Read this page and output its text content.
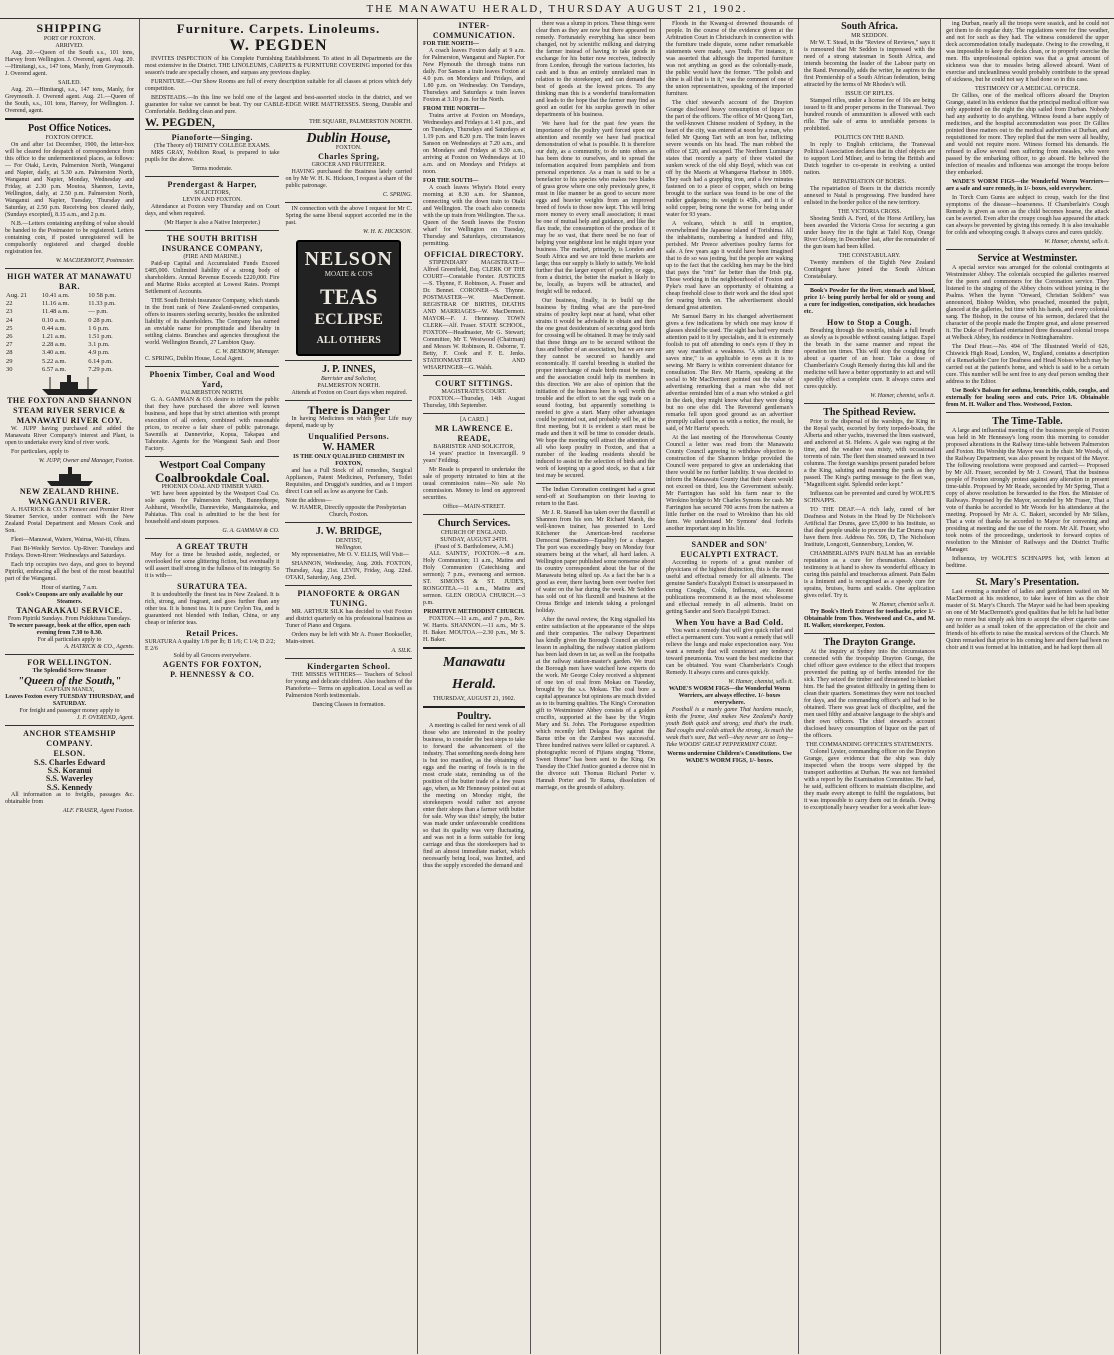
THE MANAWATU HERALD, THURSDAY AUGUST 21, 1902.
SHIPPING
PORT OF FOXTON.
ARRIVED.

Aug. 20.—Queen of the South s.s., 101 tons, Harvey from Wellington. J. Overend, agent. Aug. 20.—Himitangi, s.s., 147 tons, Manly, from Greymouth. J. Overend agent.

SAILED.

Aug. 20.—Himitangi, s.s., 147 tons, Manly, for Greymouth. J. Overend agent. Aug. 21.—Queen of the South, s.s., 101 tons, Harvey, for Wellington. J. Overend, agent.

Post Office Notices.
FOXTON OFFICE.

On and after 1st December, 1900, the letter-box will be cleared for despatch of correspondence from this office to the undermentioned places, as follows:— For Otaki, Levin, Palmerston North, Wanganui and Napier, daily, at 5.30 a.m. Palmerston North, Wanganui and Napier, Monday, Wednesday and Friday, at 2.30 p.m. Moutoa, Shannon, Levin, Wellington, daily, at 2.50 p.m. Palmerston North, Wanganui and Napier, Tuesday, Thursday and Saturday, at 2.50 p.m. Receiving box cleared daily, (Sundays excepted), 8.15 a.m., and 2 p.m.

N.B.—Letters containing anything of value should be handed to the Postmaster to be registered. Letters containing coin, if posted unregistered will be compulsorily registered and charged double registration fee.

W. MACDERMOTT, Postmaster.
HIGH WATER AT MANAWATU BAR.
Aug. 21	10.41 a.m.	10 58 p.m.
22	11.16 a.m.	11.33 p.m.
23	11.48 a.m.	— p.m.
24	0.10 a.m.	0 28 p.m.
25	0.44 a.m.	1 6 p.m.
26	1.21 a.m.	1.51 p.m.
27	2.28 a.m.	3.1 p.m.
28	3.40 a.m.	4.9 p.m.
29	5.22 a.m.	6.14 p.m.
30	6.57 a.m.	7.29 p.m.
THE FOXTON AND SHANNON STEAM RIVER SERVICE & MANAWATU RIVER COY.

W. JUPP having purchased and added the Manawatu River Company's interest and Plant, is open to undertake every kind of river work.

For particulars, apply to

W. JUPP, Owner and Manager, Foxton.
NEW ZEALAND RHINE.
WANGANUI RIVER.

A. HATRICK & CO.'S Pioneer and Premier River Steamer Service, under contract with the New Zealand Postal Department and Messrs Cook and Son.

Fleet—Manuwai, Waiere, Wairua, Wai-iti, Ohura.

Fast Bi-Weekly Service. Up-River: Tuesdays and Fridays. Down-River: Wednesdays and Saturdays.

Each trip occupies two days, and goes to beyond Pipiriki, embracing all the best of the most beautiful part of the Wanganui.

Hour of starting, 7 a.m.
Cook's Coupons are only available by our Steamers.
TANGARAKAU SERVICE.
From Pipiriki Sundays. From Pukikituna Tuesdays.
To secure passage, book at the office, open each evening from 7.30 to 8.30.
For all particulars apply to
A. HATRICK & CO., Agents.
FOR WELLINGTON.
The Splendid Screw Steamer
"Queen of the South,"
CAPTAIN MANLY,
Leaves Foxton every TUESDAY THURSDAY, and SATURDAY.
For freight and passenger money apply to
J. F. OVEREND, Agent.
ANCHOR STEAMSHIP COMPANY.
ELSON.
S.S. Charles Edward
S.S. Koranui
S.S. Waverley
S.S. Kennedy

All information as to freights, passages &c. obtainable from

ALF. FRASER, Agent Foxton.
Furniture. Carpets. Linoleums.
W. PEGDEN

INVITES INSPECTION of his Complete Furnishing Establishment. To attest in all Departments are the most extensive in the District. THE LINOLEUMS, CARPETS & FURNITURE COVERING imported for this season's trade are specially chosen, and surpass any previous display.

FURNITURE.—Our Show Rooms are full of every description suitable for all classes at prices which defy competition.

BEDSTEADS.—In this line we hold one of the largest and best-assorted stocks in the district, and we guarantee for value we cannot be beat. Try our CABLE-EDGE WIRE MATTRESSES. Strong, Durable and Comfortable. Bedding clean and pure.

W. PEGDEN,	THE SQUARE, PALMERSTON NORTH.
Pianoforte—Singing.
(The Theory of) TRINITY COLLEGE EXAMS.

MRS GRAY, Nobilton Road, is prepared to take pupils for the above.

Terms moderate.
Prendergast & Harper,
SOLICITORS,
LEVIN AND FOXTON.

Attendance at Foxton very Thursday and on Court days, and when required.

(Mr Harper is also a Native Interpreter.)
THE SOUTH BRITISH INSURANCE COMPANY,
(FIRE AND MARINE.)

Paid-up Capital and Accumulated Funds Exceed £485,000. Unlimited liability of a strong body of shareholders. Annual Revenue Exceeds £220,000. Fire and Marine Risks accepted at Lowest Rates. Prompt Settlement of Accounts.

THE South British Insurance Company, which stands in the front rank of New Zealand-owned companies, offers to insurers sterling security, besides the unlimited liability of its shareholders. The Company has earned an enviable name for promptitude and liberality in settling claims. Branches and agencies throughout the world. Wellington Branch, 27 Lambton Quay.

C. W. BENBOW, Manager.
C. SPRING, Dublin House, Local Agent.
Phoenix Timber, Coal and Wood Yard,
PALMERSTON NORTH.

G. A. GAMMAN & CO. desire to inform the public that they have purchased the above well known business, and hope that by strict attention with prompt execution of all orders, combined with reasonable prices, to receive a fair share of public patronage. Sawmills at Dannevirke, Kopua, Takapau and Tahoraite. Agents for the Wanganui Sash and Door Factory.

Westport Coal Company
Coalbrookdale Coal.
PHOENIX COAL AND TIMBER YARD.

WE have been appointed by the Westport Coal Co. sole agents for Palmerston North, Bunnythorpe, Ashhurst, Woodville, Dannevirke, Mangatainoka, and Pahiatua. This coal is admitted to be the best for household and steam purposes.

G. A. GAMMAN & CO.
A GREAT TRUTH

May for a time be brushed aside, neglected, or overlooked for some glittering fiction, but eventually it will assert itself strong in the fullness of its integrity. So it is with—

SURATURA TEA.

It is undoubtedly the finest tea in New Zealand. It is rich, strong, and fragrant, and goes further than any other tea. It is honest tea. It is pure Ceylon Tea, and is guaranteed not blended with Indian, China, or any cheap or inferior teas.

Retail Prices.
SURATURA A quality 1/8 per lb; B 1/6; C 1/4; D 2/2; E 2/6
Sold by all Grocers everywhere.
AGENTS FOR FOXTON,
P. HENNESSY & CO.
Dublin House,
FOXTON.
Charles Spring,
GROCER AND FRUITERER.

HAVING purchased the Business lately carried on by Mr W. H. K. Hickson, I request a share of the public patronage.

C. SPRING.

IN connection with the above I request for Mr C. Spring the same liberal support accorded me in the past.

W. H. K. HICKSON.
NELSON
MOATE & CO'S
TEAS
ECLIPSE
ALL OTHERS
J. P. INNES,
Barrister and Solicitor,
PALMERSTON NORTH.

Attends at Foxton on Court days when required.

There is Danger

In having Medicines on which your Life may depend, made up by

Unqualified Persons.
W. HAMER
IS THE ONLY QUALIFIED CHEMIST IN FOXTON,

and has a Full Stock of all remedies, Surgical Appliances, Patent Medicines, Perfumery, Toilet Requisites, and Druggist's sundries, and as I import direct I can sell as low as anyone for Cash.

Note the address—
W. HAMER, Directly opposite the Presbyterian Church, Foxton.
J. W. BRIDGE,
DENTIST,
Wellington.

My representative, Mr O. V. ELLIS, Will Visit—

SHANNON, Wednesday, Aug. 20th. FOXTON, Thursday, Aug. 21st. LEVIN, Friday, Aug. 22nd. OTAKI, Saturday, Aug. 23rd.

PIANOFORTE & ORGAN TUNING.

MR. ARTHUR SILK has decided to visit Foxton and district quarterly on his professional business as Tuner of Piano and Organs.

Orders may be left with Mr A. Fraser Bookseller, Main-street.

A. SILK.
Kindergarten School.

THE MISSES WITHERS— Teachers of School for young and delicate children. Also teachers of the Pianoforte— Terms on application. Local as well as Palmerston North testimonials.

Dancing Classes in formation.
INTER-COMMUNICATION.
FOR THE NORTH—

A coach leaves Foxton daily at 9 a.m. for Palmerston, Wanganui and Napier. For New Plymouth the through trains run daily. For Sanson a train leaves Foxton at 4.0 p.m. on Mondays and Fridays, and 1.80 p.m. on Wednesday. On Tuesdays, Thursdays and Saturdays a train leaves Foxton at 3.10 p.m. for the North.

FROM THE NORTH—

Trains arrive at Foxton on Mondays, Wednesdays and Fridays at 1.41 p.m., and on Tuesdays, Thursdays and Saturdays at 1.19 p.m. and 8.20 p.m. The train leaves Sanson on Wednesdays at 7.20 a.m., and on Mondays and Fridays at 9.30 a.m., arriving at Foxton on Wednesdays at 10 a.m. and on Mondays and Fridays at noon.

FOR THE SOUTH—

A coach leaves Whyte's Hotel every morning at 8.30 a.m. for Shannon, connecting with the down train to Otaki and Wellington. The coach also connects with the up train from Wellington. The s.s. Queen of the South leaves the Foxton wharf for Wellington on Tuesday, Thursday and Saturdays, circumstances permitting.

OFFICIAL DIRECTORY.

STIPENDIARY MAGISTRATE—Alfred Greenfield, Esq. CLERK OF THE COURT—Constable Forster. JUSTICES—S. Thynne, F. Robinson, A. Fraser and Dr. Bennet. CORONER—S. Thynne. POSTMASTER—W. MacDermott. REGISTRAR OF BIRTHS, DEATHS AND MARRIAGES—W. MacDermott. MAYOR—F. J. Hennessy. TOWN CLERK—Alf. Fraser. STATE SCHOOL, FOXTON—Headmaster, Mr G. Stewart; Committee, Mr T. Westwood (Chairman) and Messrs W. Robinson, R. Osborne, T. Betty, F. Cook and F. E. Jenks. STATIONMASTER AND WHARFINGER—G. Walsh.

COURT SITTINGS.
MAGISTRATE'S COURT.

FOXTON.—Thursday, 14th August Thursday, 18th September.

[A CARD.]
MR LAWRENCE E. READE,
BARRISTER AND SOLICITOR,

14 years' practice in Invercargill. 9 years' Feilding.

Mr Reade is prepared to undertake the sale of property intrusted to him at the usual commission rates—No sale No commission. Money to lend on approved securities.

Office—MAIN-STREET.
Church Services.
CHURCH OF ENGLAND.
SUNDAY, AUGUST 24TH.
(Feast of S. Bartholomew, A.M.)

ALL SAINTS', FOXTON.—8 a.m. Holy Communion; 11 a.m., Matins and Holy Communion (Catechising and sermon); 7 p.m., evensong and sermon. ST. SIMON'S & ST. JUDE'S, RONGOTEA.—11 a.m., Matins and sermon. GLEN OROUA CHURCH.—3 p.m.

PRIMITIVE METHODIST CHURCH.

FOXTON.—11 a.m., and 7 p.m., Rev. W. Harris. SHANNON.—11 a.m., Mr S. H. Baker. MOUTOA.—2.30 p.m., Mr S. H. Baker.

Manawatu Herald.
THURSDAY, AUGUST 21, 1902.
Poultry.

A meeting is called for next week of all those who are interested in the poultry business, to consider the best steps to take to forward the advancement of the industry. That something needs doing here is but too manifest, as the obtaining of eggs and the rearing of fowls is in the most crude state, reminding us of the position of the butter trade of a few years ago, when, as Mr Hennessy pointed out at the meeting on Monday night, the storekeepers would rather not anyone enter their shops than a farmer with butter for sale. Why was this? simply, the butter was made under unfavourable conditions so that its quality was very fluctuating, and was not in a form suitable for long carriage and thus the storekeepers had to find an almost immediate market, which necessarily being local, was limited, and thus the supply exceeded the demand and

there was a slump in prices. These things were clear then as they are now but there appeared no remedy. Fortunately everything has since been changed, not by scientific milking and dairying the farmer instead of having to take goods in exchange for his butter now receives, indirectly from London, through the various factories, his cash and is thus an entirely unrelated man in relation to the storekeeper, and can demand the best of goods at the lowest prices. To any thinking man this is a wonderful transformation and leads to the hope that the farmer may find as good an outlet for his surplus growth in other departments of his business.

We have had for the past few years the importance of the poultry yard forced upon our attention and recently we have had practical demonstration of what is possible. It is therefore our duty, as a community, to do unto others as has been done to ourselves, and to spread the information acquired from pamphlets and from personal experience. As a man is said to be a benefactor to his species who makes two blades of grass grow where one only previously grew, it must in like manner be as good to secure more eggs and heavier weights from an improved breed of fowls to those now kept. This will bring more money to every small association; it must be one of mutual help and guidance, and like the flax trade, the consumption of the produce of it may be so vast, that there need be no fear of helping your neighbour lest he might injure your business. The market, primarily, is London and South Africa and we are told these markets are large; thus our supply is likely to satisfy. We hold further that the larger export of poultry, or eggs, from a district, the better the market is likely to be, locally, as buyers will be attracted, and freight will be reduced.

Our business, finally, is to build up the business by finding what are the pure-bred strains of poultry kept near at hand, what other strains it would be advisable to obtain and then the one great desideratum of securing good birds for crossing will be obtained. It may be truly said that these things are to be secured without the fuss and bother of an association, but we are sure they cannot be secured so handily and economically. If careful breeding is studied the proper interchange of male birds must be made, and the association could help its members in this direction. We are also of opinion that the initiation of the business here is well worth the trouble and the effort to set the egg trade on a sound footing, but apparently something is needed to give a start. Many other advantages could be pointed out, and probably will be, at the first meeting, but it is evident a start must be made and then it will be time to consider details. We hope the meeting will attract the attention of all who keep poultry in Foxton, and that a number of the leading residents should be induced to assist in the selection of birds and the work of keeping up a good stock, so that a fair test may be secured.

The Indian Coronation contingent had a great send-off at Southampton on their leaving to return to the East.

Mr J. R. Stansell has taken over the flaxmill at Shannon from his son. Mr Richard Marsh, the well-known trainer, has presented to Lord Kitchener the American-bred racehorse Democrat (Sensation—Equality) for a charger. The port was exceedingly busy on Monday four steamers being at the wharf, all hard laden. A Wellington paper published some nonsense about its country correspondent about the bar of the Manawatu being silted up. As a fact the bar is a good as ever, there having been over twelve feet of water on the bar during the week. Mr Seddon has sold out of his flaxmill and business at the Oroua Bridge and intends taking a prolonged holiday.

After the naval review, the King signalled his entire satisfaction at the appearance of the ships and their companies. The railway Department has kindly given the Borough Council an object lesson in asphalting, the railway station platform has been laid down in tar, as well as the footpaths at the railway station-master's garden. We trust the Borough men have watched how experts do the work. Mr George Coley received a shipment of one ton of coal from Mokau on Tuesday, brought by the s.s. Mokau. The coal bore a capital appearance but opinions are much divided as to its burning qualities. The King's Coronation gift to Westminster Abbey consists of a golden crucifix, supported at the base by the Virgin Mary and St. John. The Portuguese expedition which recently left Delagoa Bay against the Barue tribe on the Zambesi was successful. Three hundred natives were killed or captured. A photographic record of Fijians singing "Home, Sweet Home" has been sent to the King. On Tuesday the Chief Justice granted a decree nisi in the divorce suit Thomas Richard Porter v. Hannah Porter and Te Rama, dissolution of marriage, on the grounds of adultery.

Floods in the Kwang-si drowned thousands of people. In the course of the evidence given at the Arbitration Court in Christchurch in connection with the furniture trade dispute, some rather remarkable statements were made, says Truth. For instance, it was asserted that although the imported furniture was not anything as good as the colonially-made, the public would have the former. "The polish and shine is all that is in it," was the comment of one of the union representatives, speaking of the imported furniture.

The chief steward's account of the Drayton Grange disclosed heavy consumption of liquor on the part of the officers. The office of Mr Quong Tart, the well-known Chinese resident of Sydney, in the heart of the city, was entered at noon by a man, who felled Mr Quong Tart with an iron bar, inflicting severe wounds on his head. The man robbed the office of £20, and escaped. The Northern Luminary states that recently a party of three visited the sunken wreck of the old ship Boyd, which was cut off by the Maoris at Whangaroa Harbour in 1809. They each had a grappling iron, and a few minutes fastened on to a piece of copper, which on being brought to the surface was found to be one of the rudder gudgeons; its weight is 45lb., and it is of solid copper, being none the worse for being under water for 93 years.

A volcano, which is still in eruption, overwhelmed the Japanese island of Torishima. All the inhabitants, numbering a hundred and fifty, perished. Mr Preece advertises poultry farms for sale. A few years ago it would have been imagined that to do so was jesting, but the people are waking up to the fact that the cackling hen may be the bird that pays the "rint" far better than the Irish pig. Those working in the neighbourhood of Foxton and Pyke's road have an opportunity of obtaining a cheap freehold close to their work and the ideal spot for rearing birds on. The advertisement should demand great attention.

Mr Samuel Barry in his changed advertisement gives a few indications by which one may know if glasses should be used. The sight has had very much attention paid to it by specialists, and it is extremely foolish to put off attending to one's eyes if they in any way manifest a weakness. "A stitch in time saves nine," is as applicable to eyes as it is to sewing. Mr Barry is within convenient distance for consultation. The Rev. Mr Harris, speaking at the social to Mr MacDermott pointed out the value of advertising remarking that a man who did not advertise reminded him of a man who winked a girl in the dark, they might know what they were doing but no one else did. The Reverend gentleman's remarks fell upon good ground as an advertiser promptly called upon us with a notice, the result, he said, of Mr Harris' speech.

At the last meeting of the Horowhenua County Council a letter was read from the Manawatu County Council agreeing to withdraw objection to construction of the Shannon bridge provided the Council were prepared to give an undertaking that there would be no further liability. It was decided to inform the Manawatu County that their share would not exceed on third, less the Government subsidy. Mr Farrington has sold his farm near to the Wirokino bridge to Mr Charles Symons for cash. Mr Farrington has secured 700 acres from the natives a little further on the road to Wirokino than his old farm. We understand Mr Symons' deal forfeits another important step in his life.

SANDER and SON' EUCALYPTI EXTRACT.

According to reports of a great number of physicians of the highest distinction, this is the most useful and effectual remedy for all ailments. The genuine Sander's Eucalypti Extract is unsurpassed in curing Coughs, Colds, Influenza, etc. Recent publications recommend it as the most wholesome and effectual remedy in all ailments. Insist on getting Sander and Son's Eucalypti Extract.

When You have a Bad Cold.

You want a remedy that will give quick relief and effect a permanent cure. You want a remedy that will relieve the lungs and make expectoration easy. You want a remedy that will counteract any tendency toward pneumonia. You want the best medicine that can be obtained. You want Chamberlain's Cough Remedy. It always cures and cures quickly.

W. Hamer, chemist, sells it.
WADE'S WORM FIGS—the Wonderful Worm Worriers, are always effective. 1/- boxes everywhere.

Football is a manly game That hardens muscle, knits the frame, And makes New Zealand's hardy youth Both quick and strong; and that's the truth. Bad coughs and colds attack the strong, As much the weak that's sure, But well—they never are so long— Take WOODS' GREAT PEPPERMINT CURE.

Worms undermine Children's Constitutions. Use WADE'S WORM FIGS, 1/- boxes.
South Africa.
MR SEDDON.

Mr W. T. Stead, in the "Review of Reviews," says it is rumoured that Mr Seddon is impressed with the need of a strong statesman in South Africa, and intends becoming the leader of the Labour party on the Rand. Personally, adds the writer, he aspires to the first Premiership of a South African federation, being attracted by the terms of Mr Rhodes's will.

ISSUE OF RIFLES.

Stamped rifles, under a license fee of 10s are being issued to fit and proper persons in the Transvaal. Two hundred rounds of ammunition is allowed with each rifle. The sale of arms to unreliable persons is prohibited.

POLITICS ON THE RAND.

In reply to English criticisms, the Transvaal Political Association declares that its chief objects are to support Lord Milner, and to bring the British and Dutch together to co-operate in evolving a united nation.

REPATRIATION OF BOERS.

The repatriation of Boers in the districts recently annexed to Natal is progressing. Five hundred have enlisted in the border police of the new territory.

THE VICTORIA CROSS.

Shoeing Smith A. Ford, of the Horse Artillery, has been awarded the Victoria Cross for securing a gun under heavy fire in the fight at Tafel Kop, Orange River Colony, in December last, after the remainder of the gun team had been killed.

THE CONSTABULARY.

Twenty members of the Eighth New Zealand Contingent have joined the South African Constabulary.

Book's Powder for the liver, stomach and blood, price 1/- being purely herbal for old or young and a cure for indigestion, constipation, sick headaches etc.

How to Stop a Cough.

Breathing through the nostrils, inhale a full breath as slowly as is possible without causing fatigue. Expel the breath in the same manner and repeat the operation ten times. This will stop the coughing for about a quarter of an hour. Take a dose of Chamberlain's Cough Remedy during this lull and the medicine will have a better opportunity to act and will speedily effect a complete cure. It always cures and cures quickly.

W. Hamer, chemist, sells it.
The Spithead Review.

Prior to the dispersal of the warships, the King in the Royal yacht, escorted by forty torpedo-boats, the Alberta and other yachts, traversed the lines eastward, and anchored at St. Helens. A gale was raging at the time, and the weather was misty, with occasional torrents of rain. The fleet then steamed seaward in two columns. The foreign warships present paraded before a the King, saluting and manning the yards as they passed. The King's parting message to the fleet was, "Magnificent sight. Splendid order kept."

Influenza can be prevented and cured by WOLFE'S SCHNAPPS.

TO THE DEAF.—A rich lady, cured of her Deafness and Noises in the Head by Dr Nicholson's Artificial Ear Drums, gave £5,000 to his Institute, so that deaf people unable to procure the Ear Drums may have them free. Address No. 596, D, The Nicholson Institute, Longcott, Gunnersbury, London, W.

CHAMBERLAIN'S PAIN BALM has an enviable reputation as a cure for rheumatism. Abundant testimony is at hand to show its wonderful efficacy in curing this painful and treacherous ailment. Pain Balm is a liniment and is recognised as a speedy cure for sprains, bruises, burns and scalds. One application gives relief. Try it.

W. Hamer, chemist sells it.

Try Book's Herb Extract for toothache, price 1/- Obtainable from Thos. Westwood and Co., and M. H. Walker, storekeeper, Foxton.

The Drayton Grange.

At the inquiry at Sydney into the circumstances connected with the troopship Drayton Grange, the chief officer gave evidence to the effect that troopers prevented the putting up of berths intended for the sick. They seized the timber and threatened to blanket him. He had the greatest difficulty in getting them to clean their quarters. Sometimes they were not touched for days, and the commanding officer's aid had to be obtained. There was great lack of discipline, and the men used filthy and abusive language to the ship's and their own officers. The chief steward's account disclosed heavy consumption of liquor on the part of the officers.

THE COMMANDING OFFICER'S STATEMENTS.

Colonel Lyster, commanding officer on the Drayton Grange, gave evidence that the ship was duly inspected when the troops were shipped by the transport authorities at Durban. He was not furnished with a report by the Examination Committee. He had, he said, sufficient officers to maintain discipline, and they made every attempt to fulfil the regulations, but it was impossible to carry them out in details. Owing to exceptionally heavy weather for a week after leav-

ing Durban, nearly all the troops were seasick, and he could not get them to do regular duty. The regulations were for fine weather, and not for such as they had. The witness considered the upper deck accommodation totally inadequate. Owing to the crowding, it was impossible to keep the decks clean, or to properly exercise the men. His unprofessional opinion was that a great amount of sickness was due to measles being allowed aboard. Want of exercise and uncleanliness would probably contribute to the spread of sickness, but he could not say it had done so in this case.

TESTIMONY OF A MEDICAL OFFICER.

Dr Gillies, one of the medical officers aboard the Drayton Grange, stated in his evidence that the principal medical officer was only appointed on the night the ship sailed from Durban. Nobody had any authority to do anything. Witness found a bare supply of medicines, and the hospital accommodation was poor. Dr Gillies pointed these matters out to the medical authorities at Durban, and requisitioned for more. They replied that the men were all healthy, and would not require more. Witness formed his demands. He refused to allow several men suffering from measles, who were passed by the embarking officer, to go aboard. He believed the infection of measles and influenza was amongst the troops before they embarked.

WADE'S WORM FIGS—the Wonderful Worm Worriers—are a safe and sure remedy, in 1/- boxes, sold everywhere.

In Torch Cum Gums are subject to croup, watch for the first symptoms of the disease—hoarseness. If Chamberlain's Cough Remedy is given as soon as the child becomes hoarse, the attack can be averted. Even after the croupy cough has appeared the attack can always be prevented by giving this remedy. It is also invaluable for colds and whooping cough. It always cures and cures quickly.

W. Hamer, chemist, sells it.
Service at Westminster.

A special service was arranged for the colonial contingents at Westminster Abbey. The colonials occupied the galleries reserved for the peers and commoners for the Coronation service. They listened to the singing of the Abbey choirs without joining in the Psalms. When the hymn "Onward, Christian Soldiers" was announced, Bishop Weldon, who preached, mounted the pulpit, glanced at the galleries, but time with his hands, and every colonial sang. The Bishop, in the course of his sermon, declared that the character of the people made the Empire great, and alone preserved it. The Duke of Portland entertained three thousand colonial troops at Welbeck Abbey, his residence in Nottinghamshire.

The Deaf Hear.—No. 494 of The Illustrated World of 626, Chiswick High Road, London, W., England, contains a description of a Remarkable Cure for Deafness and Head Noises which may be carried out at the patient's home, and which is said to be a certain cure. This number will be sent free to any deaf person sending their address to the Editor.

Use Book's Balsam for asthma, bronchitis, colds, coughs, and externally for healing sores and cuts. Price 1/6. Obtainable from M. H. Walker and Thos. Westwood, Foxton.

The Time-Table.

A large and influential meeting of the business people of Foxton was held in Mr Hennessy's long room this morning to consider proposed alterations in the Railway time-table between Palmerston and Foxton. His Worship the Mayor was in the chair. Mr Woods, of the Railway Department, was also present by request of the Mayor. The following resolutions were proposed and carried:— Proposed by Mr Alf. Fraser, seconded by Mr J. Coward, That the business people of Foxton strongly protest against any alteration in present time-table. Proposed by Mr Reade, seconded by Mr Spring, That a copy of above resolution be forwarded to the Hon. the Minister of Railways. Proposed by the Mayor, seconded by Mr Fraser, That a vote of thanks be accorded to Mr Woods for his attendance at the meeting. Proposed by Mr A. C. Bakeri, seconded by Mr Silkes, That a vote of thanks be accorded to Mayor for convening and presiding at meeting and the use of the room. Mr Alf. Fraser, who took notes of the proceedings, undertook to forward copies of resolution to the Minister of Railways and the District Traffic Manager.

Influenza, try WOLFE'S SCHNAPPS hot, with lemon at bedtime.

St. Mary's Presentation.

Last evening a number of ladies and gentlemen waited on Mr MacDermott at his residence, to take leave of him as the choir master of St. Mary's Church. The Mayor said he had been speaking on one of Mr MacDermott's good qualities that he felt he had better say no more but simply ask him to accept the silver cigarette case and holder as a small token of the appreciation of the choir and friends of his efforts to raise the musical services of the Church. Mr Quinn remarked that prior to his coming here and there had been no choir and it was formed at his initiation, and he had kept them all
